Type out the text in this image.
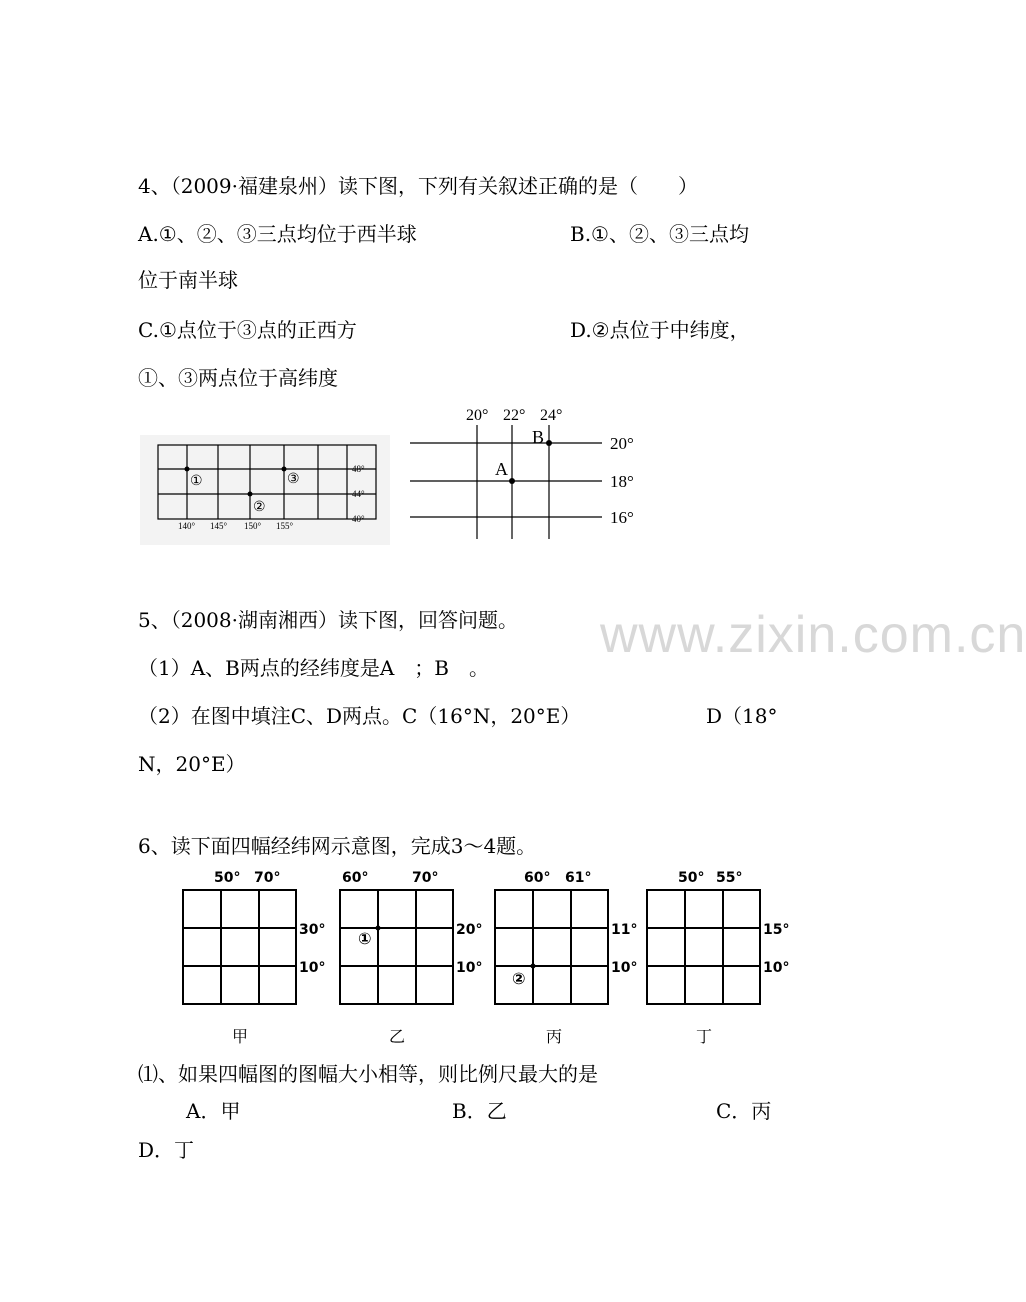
www.zixin.com.cn
4、（2009·福建泉州）读下图，下列有关叙述正确的是（　　）
A.①、②、③三点均位于西半球	B.①、②、③三点均
位于南半球
C.①点位于③点的正西方	D.②点位于中纬度，
①、③两点位于高纬度
①
②
③
48°
44°
40°
140° 145° 150° 155°
A
B
20° 22° 24°
20°
18°
16°
5、（2008·湖南湘西）读下图，回答问题。
（1）A、B两点的经纬度是A　；B　。
（2）在图中填注C、D两点。C（16°N，20°E）	D（18°
N，20°E）
6、读下面四幅经纬网示意图，完成3～4题。
50° 70°
30°
10°
甲
①
60°	70°
20°
10°
乙
②
60° 61°
11°
10°
丙
50° 55°
15°
10°
丁
⑴、如果四幅图的图幅大小相等，则比例尺最大的是
A．甲	B．乙	C．丙
D．丁
